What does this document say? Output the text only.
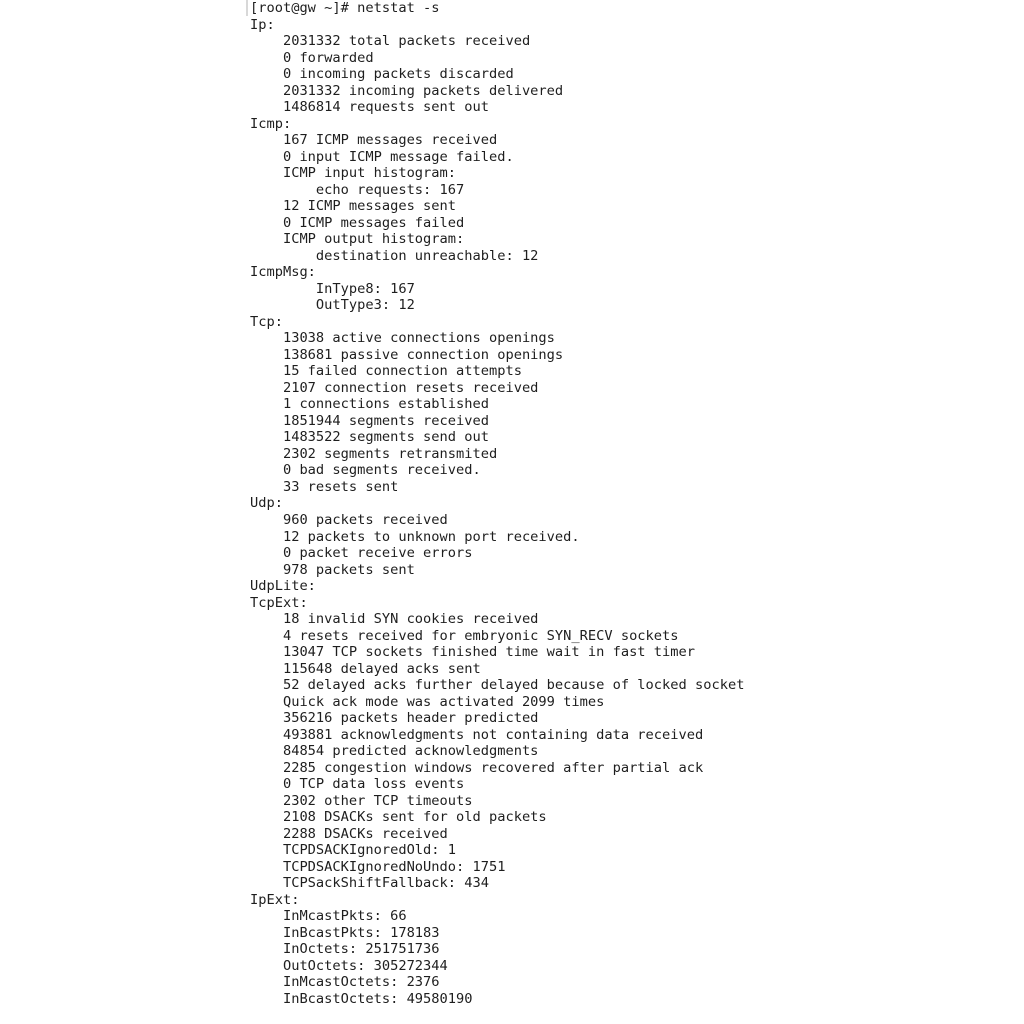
[root@gw ~]# netstat -s
Ip:
2031332 total packets received
0 forwarded
0 incoming packets discarded
2031332 incoming packets delivered
1486814 requests sent out
Icmp:
167 ICMP messages received
0 input ICMP message failed.
ICMP input histogram:
echo requests: 167
12 ICMP messages sent
0 ICMP messages failed
ICMP output histogram:
destination unreachable: 12
IcmpMsg:
InType8: 167
OutType3: 12
Tcp:
13038 active connections openings
138681 passive connection openings
15 failed connection attempts
2107 connection resets received
1 connections established
1851944 segments received
1483522 segments send out
2302 segments retransmited
0 bad segments received.
33 resets sent
Udp:
960 packets received
12 packets to unknown port received.
0 packet receive errors
978 packets sent
UdpLite:
TcpExt:
18 invalid SYN cookies received
4 resets received for embryonic SYN_RECV sockets
13047 TCP sockets finished time wait in fast timer
115648 delayed acks sent
52 delayed acks further delayed because of locked socket
Quick ack mode was activated 2099 times
356216 packets header predicted
493881 acknowledgments not containing data received
84854 predicted acknowledgments
2285 congestion windows recovered after partial ack
0 TCP data loss events
2302 other TCP timeouts
2108 DSACKs sent for old packets
2288 DSACKs received
TCPDSACKIgnoredOld: 1
TCPDSACKIgnoredNoUndo: 1751
TCPSackShiftFallback: 434
IpExt:
InMcastPkts: 66
InBcastPkts: 178183
InOctets: 251751736
OutOctets: 305272344
InMcastOctets: 2376
InBcastOctets: 49580190
